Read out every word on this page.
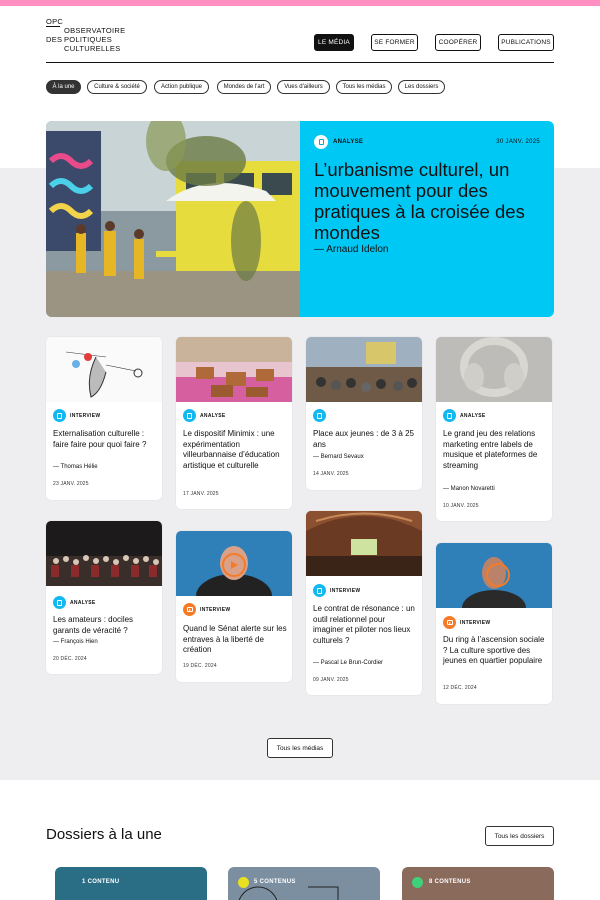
OPC
OBSERVATOIRE
DES POLITIQUES
CULTURELLES
LE MÉDIA	SE FORMER	COOPÉRER	PUBLICATIONS
À la une	Culture & société	Action publique	Mondes de l'art	Vues d'ailleurs	Tous les médias	Les dossiers
ANALYSE	30 JANV. 2025
L’urbanisme culturel, un mouvement pour des pratiques à la croisée des mondes
— Arnaud Idelon
INTERVIEW
Externalisation culturelle : faire faire pour quoi faire ?
— Thomas Hélie
23 JANV. 2025
ANALYSE
Le dispositif Minimix : une expérimentation villeurbannaise d’éducation artistique et culturelle
17 JANV. 2025
Place aux jeunes : de 3 à 25 ans
— Bernard Sevaux
14 JANV. 2025
ANALYSE
Le grand jeu des relations marketing entre labels de musique et plateformes de streaming
— Manon Novaretti
10 JANV. 2025
ANALYSE
Les amateurs : dociles garants de véracité ?
— François Hien
20 DÉC. 2024
INTERVIEW
Quand le Sénat alerte sur les entraves à la liberté de création
19 DÉC. 2024
INTERVIEW
Le contrat de résonance : un outil relationnel pour imaginer et piloter nos lieux culturels ?
— Pascal Le Brun-Cordier
09 JANV. 2025
INTERVIEW
Du ring à l’ascension sociale ? La culture sportive des jeunes en quartier populaire
12 DÉC. 2024
Tous les médias
Dossiers à la une	Tous les dossiers
1 CONTENU	5 CONTENUS	8 CONTENUS
